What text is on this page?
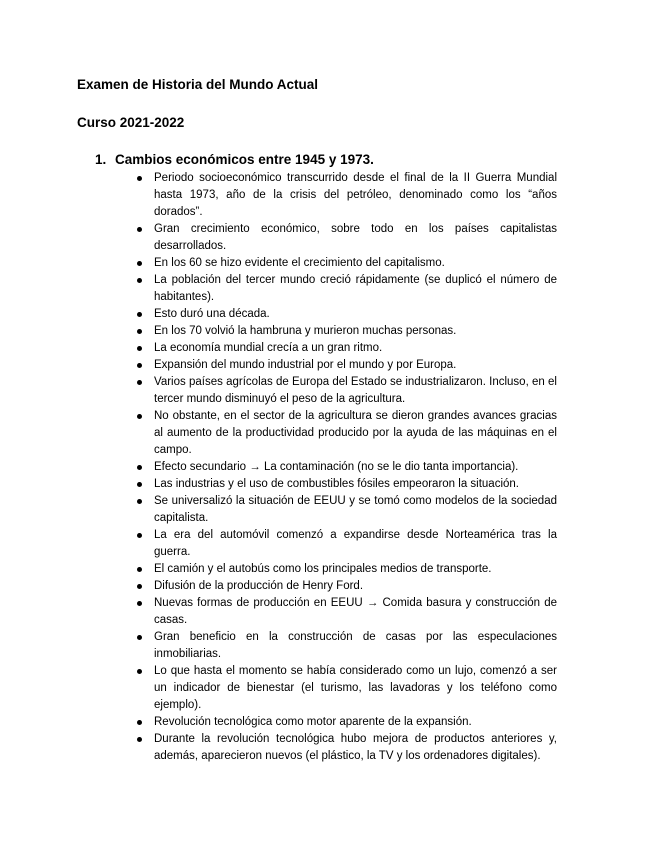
Examen de Historia del Mundo Actual
Curso 2021-2022
1. Cambios económicos entre 1945 y 1973.
Periodo socioeconómico transcurrido desde el final de la II Guerra Mundial hasta 1973, año de la crisis del petróleo, denominado como los “años dorados”.
Gran crecimiento económico, sobre todo en los países capitalistas desarrollados.
En los 60 se hizo evidente el crecimiento del capitalismo.
La población del tercer mundo creció rápidamente (se duplicó el número de habitantes).
Esto duró una década.
En los 70 volvió la hambruna y murieron muchas personas.
La economía mundial crecía a un gran ritmo.
Expansión del mundo industrial por el mundo y por Europa.
Varios países agrícolas de Europa del Estado se industrializaron. Incluso, en el tercer mundo disminuyó el peso de la agricultura.
No obstante, en el sector de la agricultura se dieron grandes avances gracias al aumento de la productividad producido por la ayuda de las máquinas en el campo.
Efecto secundario → La contaminación (no se le dio tanta importancia).
Las industrias y el uso de combustibles fósiles empeoraron la situación.
Se universalizó la situación de EEUU y se tomó como modelos de la sociedad capitalista.
La era del automóvil comenzó a expandirse desde Norteamérica tras la guerra.
El camión y el autobús como los principales medios de transporte.
Difusión de la producción de Henry Ford.
Nuevas formas de producción en EEUU → Comida basura y construcción de casas.
Gran beneficio en la construcción de casas por las especulaciones inmobiliarias.
Lo que hasta el momento se había considerado como un lujo, comenzó a ser un indicador de bienestar (el turismo, las lavadoras y los teléfono como ejemplo).
Revolución tecnológica como motor aparente de la expansión.
Durante la revolución tecnológica hubo mejora de productos anteriores y, además, aparecieron nuevos (el plástico, la TV y los ordenadores digitales).
